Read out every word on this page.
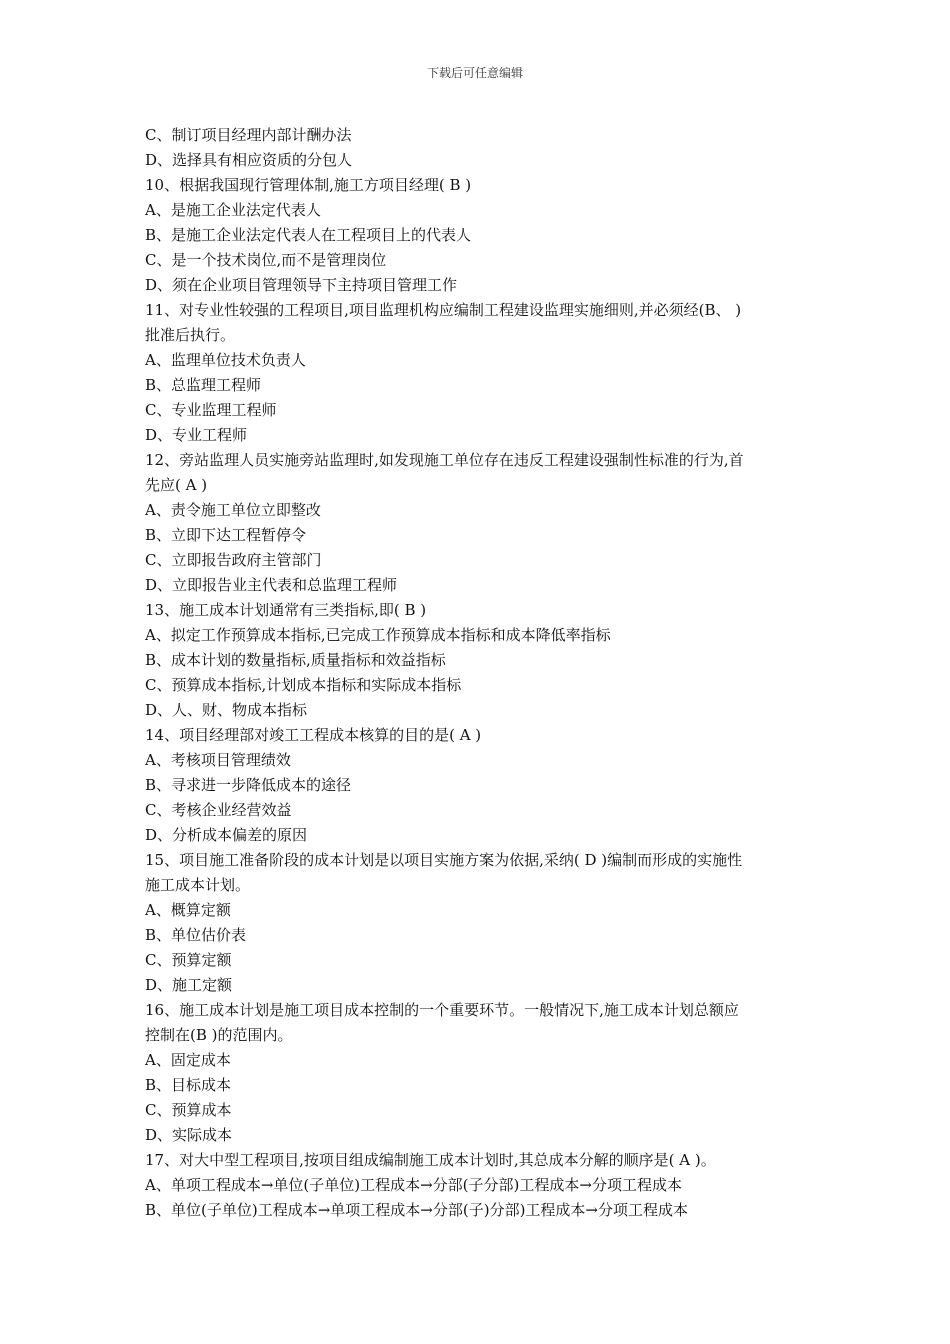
下载后可任意编辑
C、制订项目经理内部计酬办法
D、选择具有相应资质的分包人
10、根据我国现行管理体制,施工方项目经理( B )
A、是施工企业法定代表人
B、是施工企业法定代表人在工程项目上的代表人
C、是一个技术岗位,而不是管理岗位
D、须在企业项目管理领导下主持项目管理工作
11、对专业性较强的工程项目,项目监理机构应编制工程建设监理实施细则,并必须经(B、 )
批准后执行。
A、监理单位技术负责人
B、总监理工程师
C、专业监理工程师
D、专业工程师
12、旁站监理人员实施旁站监理时,如发现施工单位存在违反工程建设强制性标准的行为,首
先应( A )
A、责令施工单位立即整改
B、立即下达工程暂停令
C、立即报告政府主管部门
D、立即报告业主代表和总监理工程师
13、施工成本计划通常有三类指标,即( B )
A、拟定工作预算成本指标,已完成工作预算成本指标和成本降低率指标
B、成本计划的数量指标,质量指标和效益指标
C、预算成本指标,计划成本指标和实际成本指标
D、人、财、物成本指标
14、项目经理部对竣工工程成本核算的目的是( A )
A、考核项目管理绩效
B、寻求进一步降低成本的途径
C、考核企业经营效益
D、分析成本偏差的原因
15、项目施工准备阶段的成本计划是以项目实施方案为依据,采纳( D )编制而形成的实施性
施工成本计划。
A、概算定额
B、单位估价表
C、预算定额
D、施工定额
16、施工成本计划是施工项目成本控制的一个重要环节。一般情况下,施工成本计划总额应
控制在(B )的范围内。
A、固定成本
B、目标成本
C、预算成本
D、实际成本
17、对大中型工程项目,按项目组成编制施工成本计划时,其总成本分解的顺序是( A )。
A、单项工程成本→单位(子单位)工程成本→分部(子分部)工程成本→分项工程成本
B、单位(子单位)工程成本→单项工程成本→分部(子)分部)工程成本→分项工程成本
